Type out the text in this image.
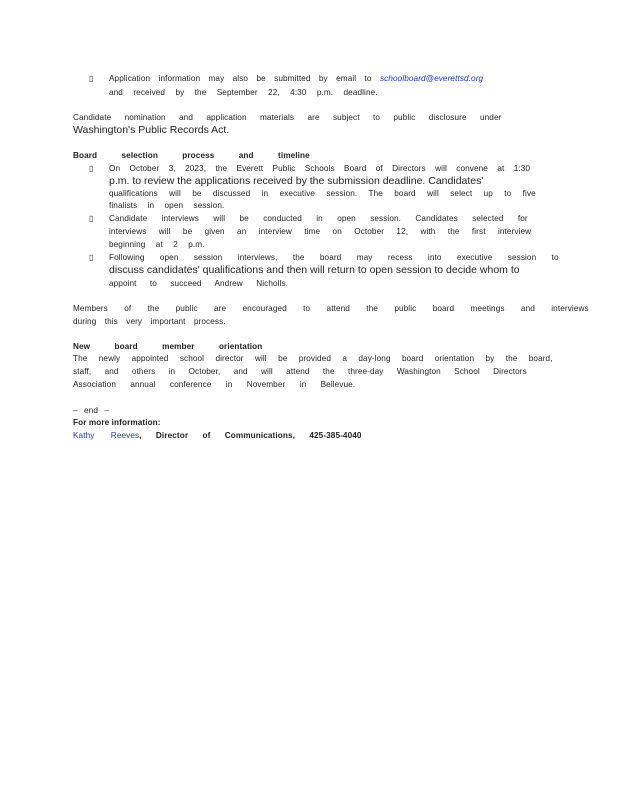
▯ Application information may also be submitted by email to schoolboard@everettsd.org
and received by the September 22, 4:30 p.m. deadline.
Candidate nomination and application materials are subject to public disclosure under
Washington's Public Records Act.
Board selection process and timeline
▯ On October 3, 2023, the Everett Public Schools Board of Directors will convene at 1:30
p.m. to review the applications received by the submission deadline. Candidates'
qualifications will be discussed in executive session. The board will select up to five
finalists in open session.
▯ Candidate interviews will be conducted in open session. Candidates selected for
interviews will be given an interview time on October 12, with the first interview
beginning at 2 p.m.
▯ Following open session interviews, the board may recess into executive session to
discuss candidates' qualifications and then will return to open session to decide whom to
appoint to succeed Andrew Nicholls.
Members of the public are encouraged to attend the public board meetings and interviews
during this very important process.
New board member orientation
The newly appointed school director will be provided a day-long board orientation by the board,
staff, and others in October, and will attend the three-day Washington School Directors
Association annual conference in November in Bellevue.
– end –
For more information:
Kathy Reeves, Director of Communications, 425-385-4040
